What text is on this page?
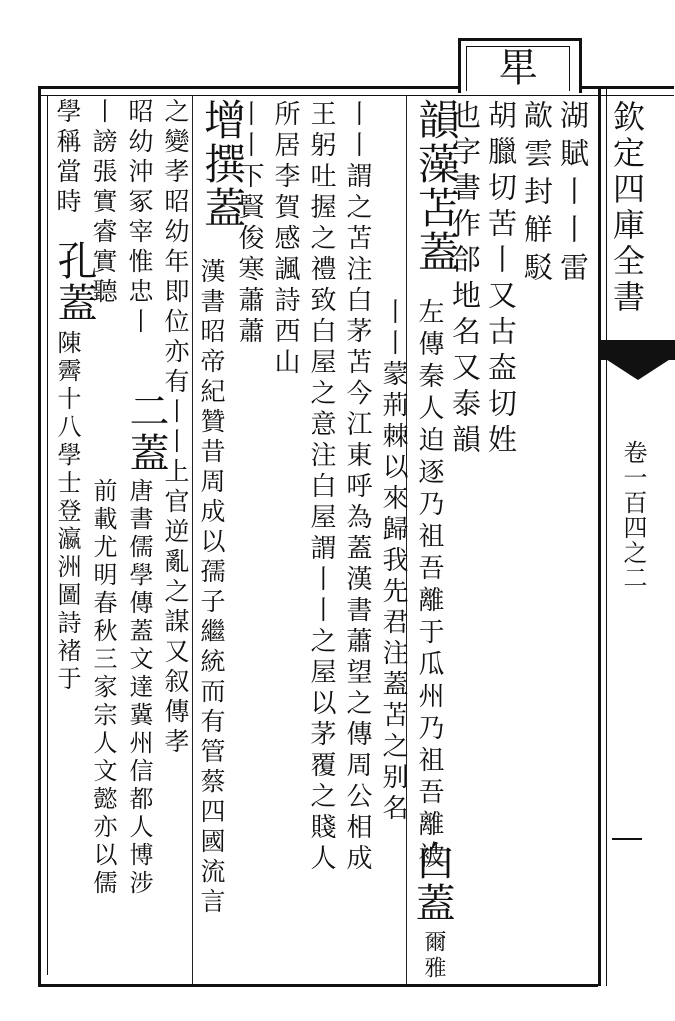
㽚
欽定四庫全書
卷一百四之二
湖賦丨丨雷
歊雲封觧駁
胡臘切苦丨又古盇切姓
也字書作郃地名又泰韻
韻藻苫蓋
左傳秦人迫逐乃祖吾離于瓜州乃祖吾離被
丨丨蒙荊棘以來歸我先君注蓋苫之别名
白蓋
爾雅
丨丨謂之苫注白茅苫今江東呼為蓋漢書蕭望之傳周公相成
王躬吐握之禮致白屋之意注白屋謂丨丨之屋以茅覆之賤人
所居李賀感諷詩西山
丨丨下賢俊寒蕭蕭
增撰蓋
漢書昭帝紀贊昔周成以孺子繼統而有管蔡四國流言
之變孝昭幼年即位亦有丨丨上官逆亂之謀又叙傳孝
昭幼沖冢宰惟忠丨
二蓋
唐書儒學傳蓋文達冀州信都人博涉
丨謗張實睿實聽
前載尤明春秋三家宗人文懿亦以儒
學稱當時
孔蓋
陳霽十八學士登瀛洲圖詩褚于
